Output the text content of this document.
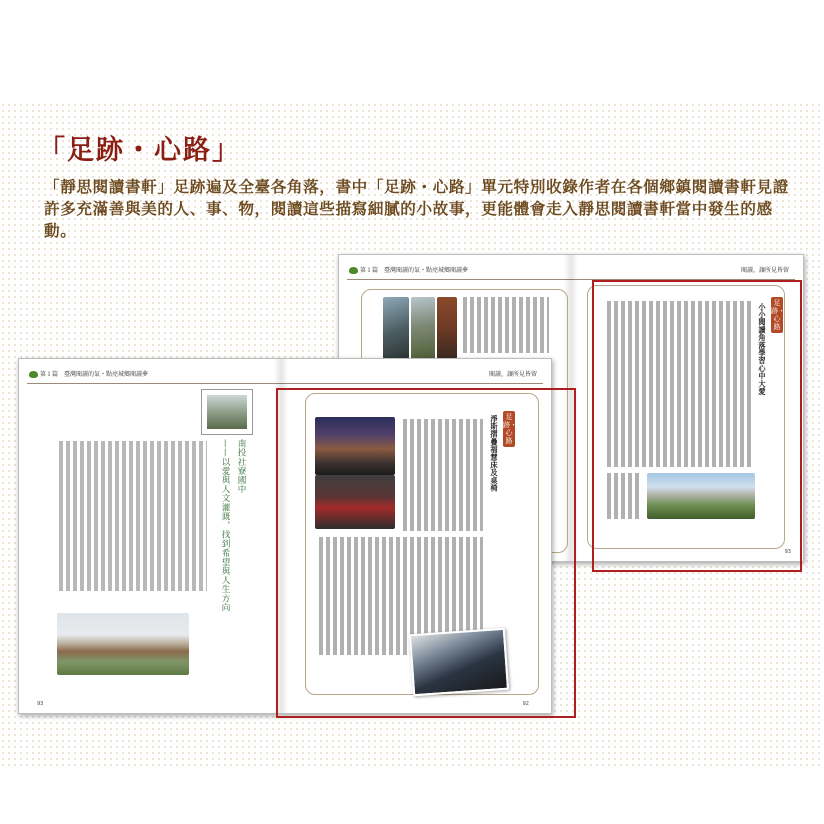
「足跡・心路」
「靜思閱讀書軒」足跡遍及全臺各角落，書中「足跡・心路」單元特別收錄作者在各個鄉鎮閱讀書軒見證許多充滿善與美的人、事、物，閱讀這些描寫細膩的小故事，更能體會走入靜思閱讀書軒當中發生的感動。
第１篇　臺灣閱讀的氣・點亮城鄉閱讀夢	閱讀，讓所見皆留
足跡・心路
小小閱讀角落學習心中大愛
93
第１篇　臺灣閱讀的氣・點亮城鄉閱讀夢	閱讀，讓所見皆留
南投社寮國中
——以愛與人文灌溉，找到希望與人生方向
93
足跡・心路
淨斯摺疊福慧床及桌椅
92
